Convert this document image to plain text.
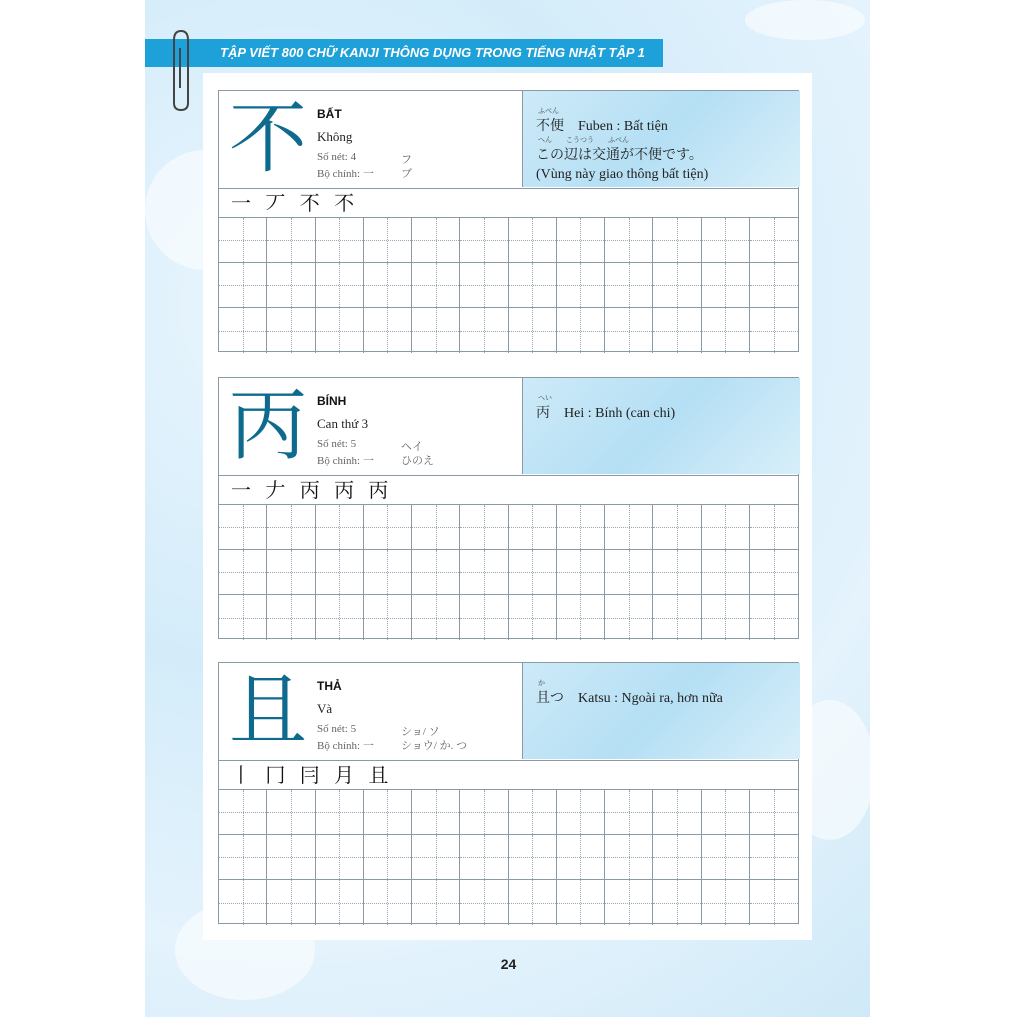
TẬP VIẾT 800 CHỮ KANJI THÔNG DỤNG TRONG TIẾNG NHẬT TẬP 1
不 BẤT
Không
Số nét: 4
Bộ chính: 一
フ
ブ
ふべん
不便　Fuben : Bất tiện
へん　　こうつう　　ふべん
この辺は交通が不便です。
(Vùng này giao thông bất tiện)
一 丆 不 不
丙 BÍNH
Can thứ 3
Số nét: 5
Bộ chính: 一
ヘイ
ひのえ
へい
丙　Hei : Bính (can chi)
一 𠂇 丙 丙 丙
且 THẢ
Và
Số nét: 5
Bộ chính: 一
ショ/ ソ
ショウ/ か. つ
か
且つ　Katsu : Ngoài ra, hơn nữa
丨 冂 冃 月 且
24
